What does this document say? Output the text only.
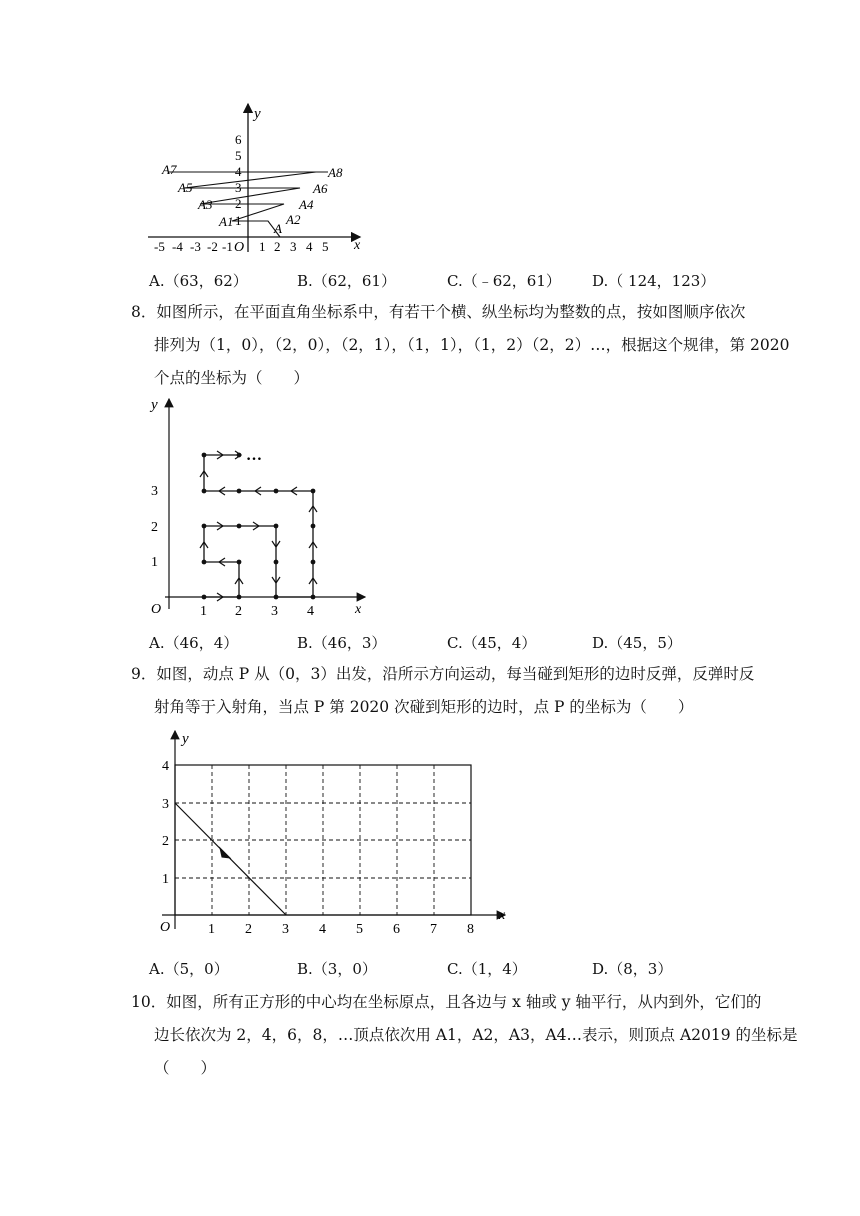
y
x
O
-5 -4 -3 -2 -1 1 2 3 4 5
1
2
3
4
5
6
A
A1	A2
A3	A4
A5	A6
A7	A8
A.（63，62）	B.（62，61）	C.（﹣62，61） D.（ 124，123）

8．如图所示，在平面直角坐标系中，有若干个横、纵坐标均为整数的点，按如图顺序依次

排列为（1，0），（2，0），（2，1），（1，1），（1，2）（2，2）…，根据这个规律，第 2020

个点的坐标为（　　）

y
x
O	1 2 3 4
1
2
3
…
A.（46，4）	B.（46，3）	C.（45，4）	D.（45，5）

9．如图，动点 P 从（0，3）出发，沿所示方向运动，每当碰到矩形的边时反弹，反弹时反

射角等于入射角，当点 P 第 2020 次碰到矩形的边时，点 P 的坐标为（　　）

y
x
O	1 2 3 4 5 6 7 8
1
2
3
4
A.（5，0）	B.（3，0）	C.（1，4）	D.（8，3）

10．如图，所有正方形的中心均在坐标原点，且各边与 x 轴或 y 轴平行，从内到外，它们的

边长依次为 2，4，6，8，…顶点依次用 A1，A2，A3，A4…表示，则顶点 A2019 的坐标是

（　　）
